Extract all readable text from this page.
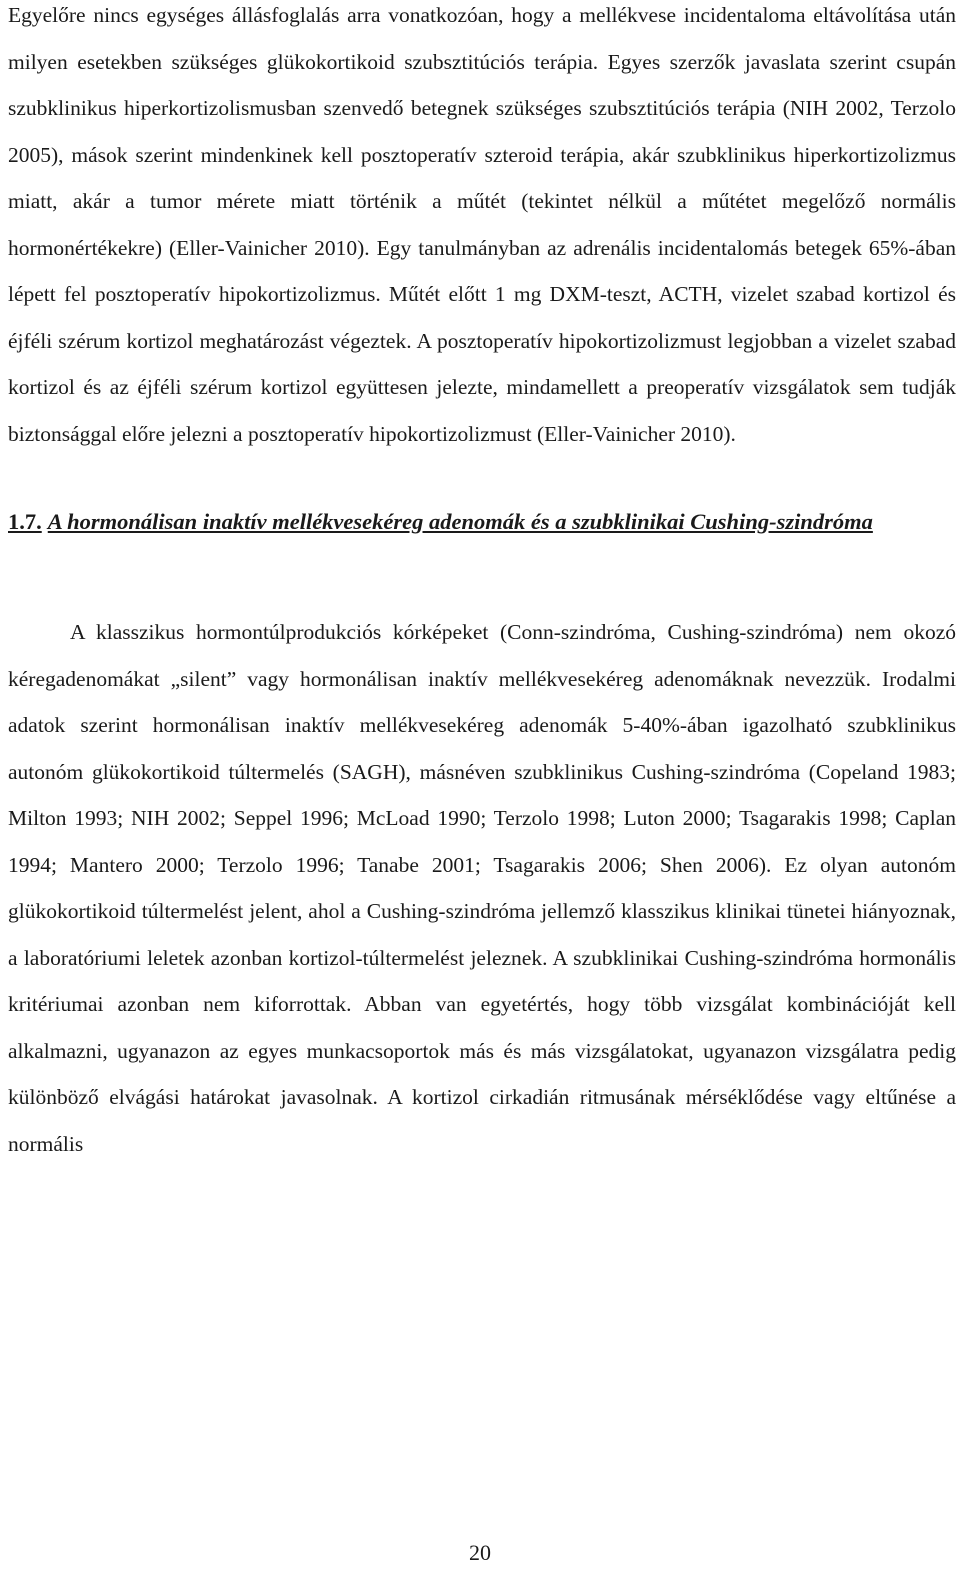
Egyelőre nincs egységes állásfoglalás arra vonatkozóan, hogy a mellékvese incidentaloma eltávolítása után milyen esetekben szükséges glükokortikoid szubsztitúciós terápia. Egyes szerzők javaslata szerint csupán szubklinikus hiperkortizolismusban szenvedő betegnek szükséges szubsztitúciós terápia (NIH 2002, Terzolo 2005), mások szerint mindenkinek kell posztoperatív szteroid terápia, akár szubklinikus hiperkortizolizmus miatt, akár a tumor mérete miatt történik a műtét (tekintet nélkül a műtétet megelőző normális hormonértékekre) (Eller-Vainicher 2010). Egy tanulmányban az adrenális incidentalomás betegek 65%-ában lépett fel posztoperatív hipokortizolizmus. Műtét előtt 1 mg DXM-teszt, ACTH, vizelet szabad kortizol és éjféli szérum kortizol meghatározást végeztek. A posztoperatív hipokortizolizmust legjobban a vizelet szabad kortizol és az éjféli szérum kortizol együttesen jelezte, mindamellett a preoperatív vizsgálatok sem tudják biztonsággal előre jelezni a posztoperatív hipokortizolizmust (Eller-Vainicher 2010).

1.7. A hormonálisan inaktív mellékvesekéreg adenomák és a szubklinikai Cushing-szindróma

A klasszikus hormontúlprodukciós kórképeket (Conn-szindróma, Cushing-szindróma) nem okozó kéregadenomákat „silent” vagy hormonálisan inaktív mellékvesekéreg adenomáknak nevezzük. Irodalmi adatok szerint hormonálisan inaktív mellékvesekéreg adenomák 5-40%-ában igazolható szubklinikus autonóm glükokortikoid túltermelés (SAGH), másnéven szubklinikus Cushing-szindróma (Copeland 1983; Milton 1993; NIH 2002; Seppel 1996; McLoad 1990; Terzolo 1998; Luton 2000; Tsagarakis 1998; Caplan 1994; Mantero 2000; Terzolo 1996; Tanabe 2001; Tsagarakis 2006; Shen 2006). Ez olyan autonóm glükokortikoid túltermelést jelent, ahol a Cushing-szindróma jellemző klasszikus klinikai tünetei hiányoznak, a laboratóriumi leletek azonban kortizol-túltermelést jeleznek. A szubklinikai Cushing-szindróma hormonális kritériumai azonban nem kiforrottak. Abban van egyetértés, hogy több vizsgálat kombinációját kell alkalmazni, ugyanazon az egyes munkacsoportok más és más vizsgálatokat, ugyanazon vizsgálatra pedig különböző elvágási határokat javasolnak. A kortizol cirkadián ritmusának mérséklődése vagy eltűnése a normális

20
